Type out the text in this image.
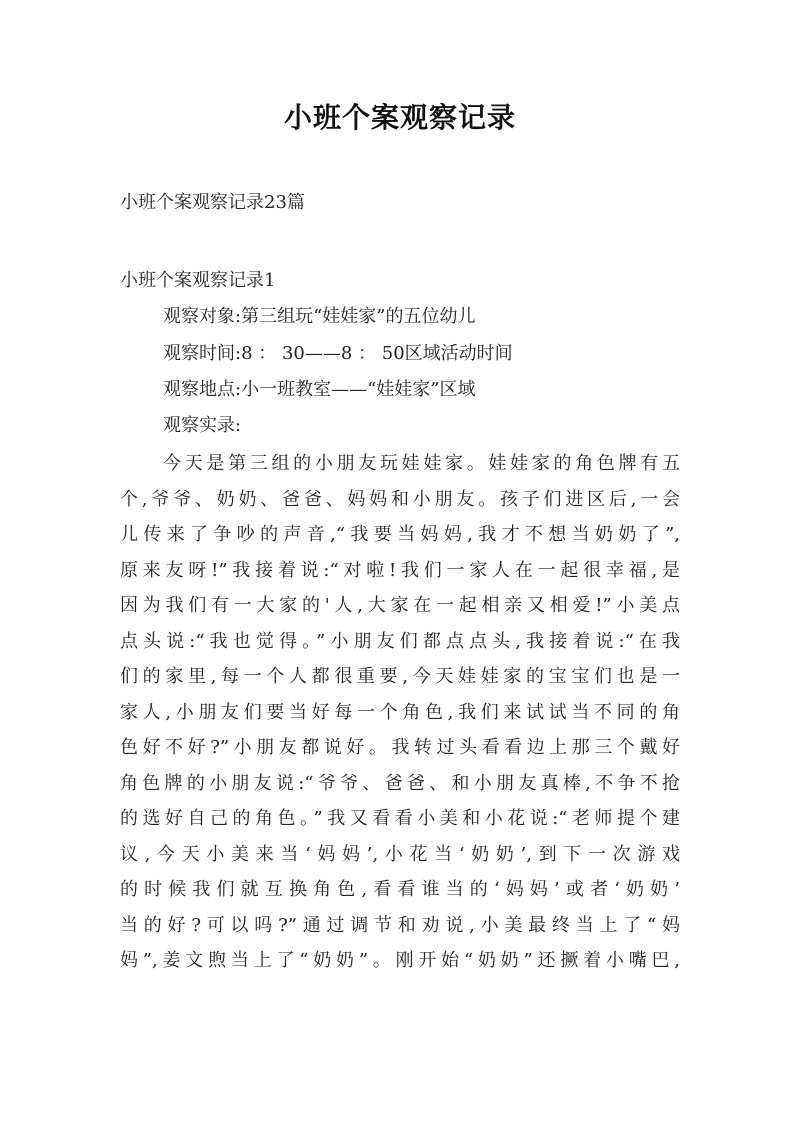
小班个案观察记录
小班个案观察记录23篇
小班个案观察记录1
观察对象:第三组玩“娃娃家”的五位幼儿
观察时间:8 ： 30——8 ： 50区域活动时间
观察地点:小一班教室——“娃娃家”区域
观察实录:
今天是第三组的小朋友玩娃娃家。娃娃家的角色牌有五
个,爷爷、奶奶、爸爸、妈妈和小朋友。孩子们进区后,一会
儿传来了争吵的声音,“我要当妈妈,我才不想当奶奶了”,
原来友呀!”我接着说:“对啦!我们一家人在一起很幸福,是
因为我们有一大家的'人,大家在一起相亲又相爱!”小美点
点头说:“我也觉得。”小朋友们都点点头,我接着说:“在我
们的家里,每一个人都很重要,今天娃娃家的宝宝们也是一
家人,小朋友们要当好每一个角色,我们来试试当不同的角
色好不好?”小朋友都说好。我转过头看看边上那三个戴好
角色牌的小朋友说:“爷爷、爸爸、和小朋友真棒,不争不抢
的选好自己的角色。”我又看看小美和小花说:“老师提个建
议,今天小美来当‘妈妈’,小花当‘奶奶’,到下一次游戏
的时候我们就互换角色,看看谁当的‘妈妈’或者‘奶奶’
当的好?可以吗?”通过调节和劝说,小美最终当上了“妈
妈”,姜文煦当上了“奶奶”。刚开始“奶奶”还撅着小嘴巴,
